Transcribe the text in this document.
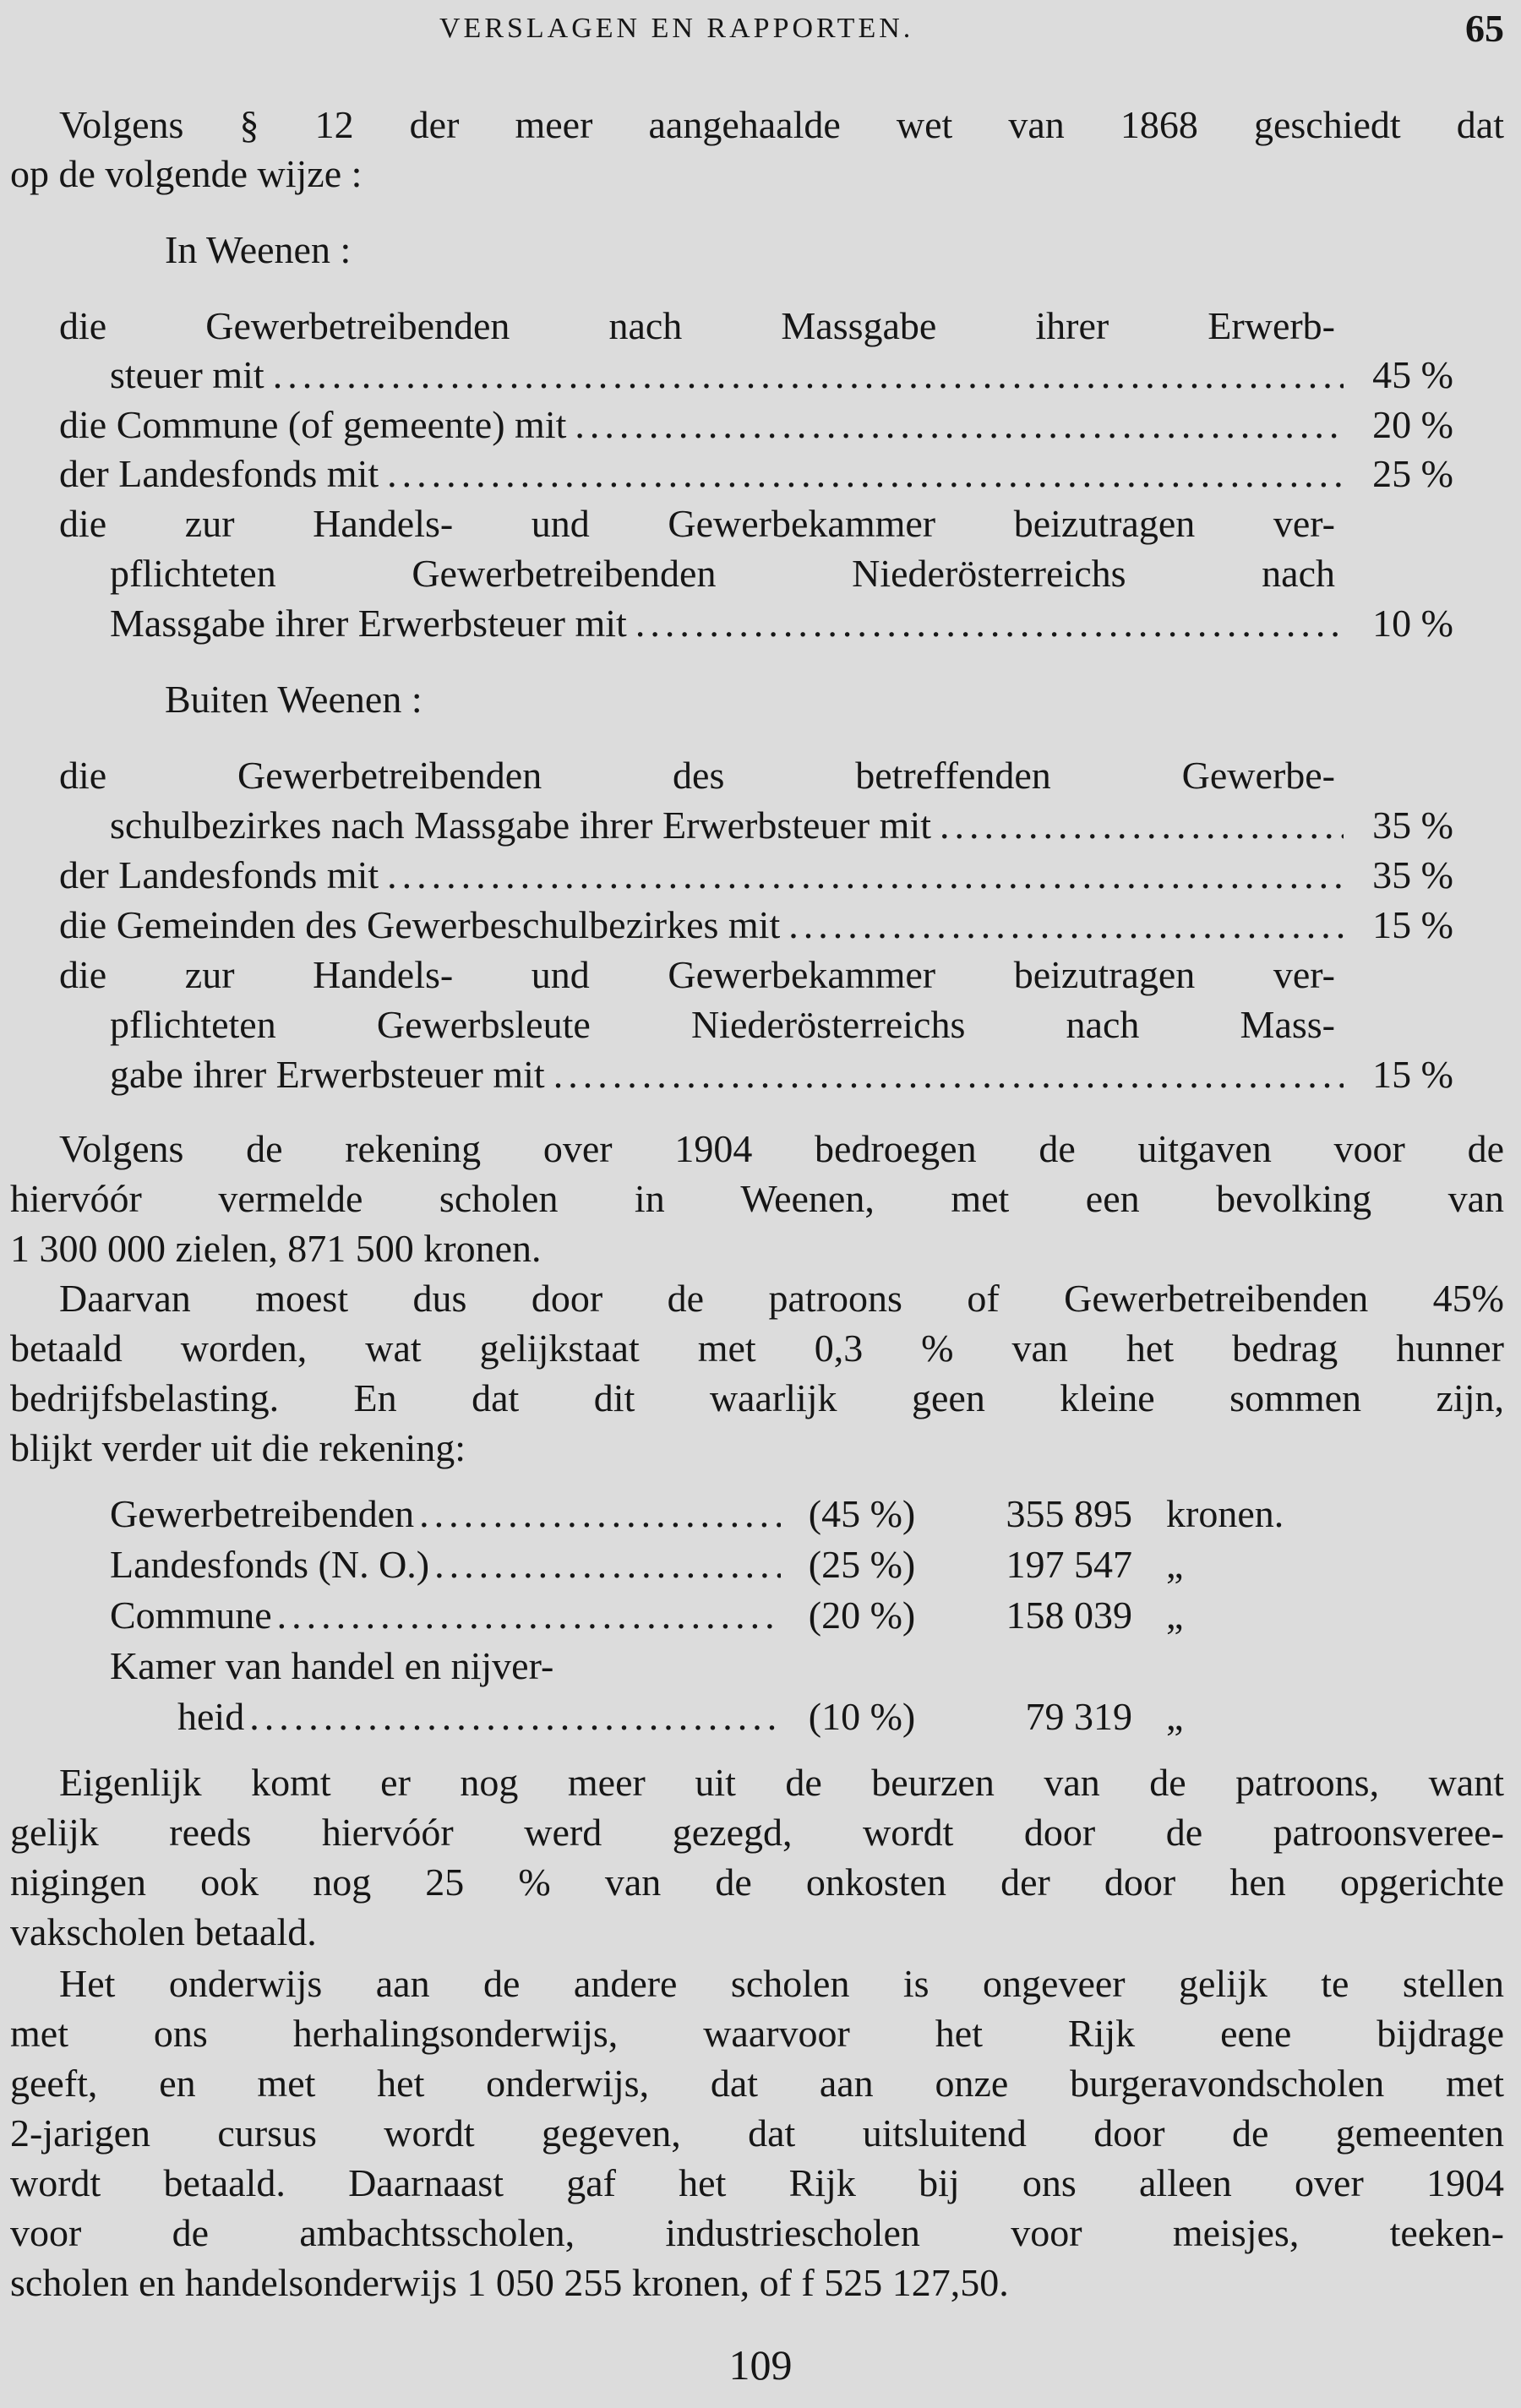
VERSLAGEN EN RAPPORTEN.	65
Volgens § 12 der meer aangehaalde wet van 1868 geschiedt dat
op de volgende wijze :
In Weenen :
die Gewerbetreibenden nach Massgabe ihrer Erwerb-
steuer mit .....	45 %
die Commune (of gemeente) mit .....	20 %
der Landesfonds mit .....	25 %
die zur Handels- und Gewerbekammer beizutragen ver-
pflichteten Gewerbetreibenden Niederösterreichs nach
Massgabe ihrer Erwerbsteuer mit .....	10 %
Buiten Weenen :
die Gewerbetreibenden des betreffenden Gewerbe-
schulbezirkes nach Massgabe ihrer Erwerbsteuer mit .....	35 %
der Landesfonds mit .....	35 %
die Gemeinden des Gewerbeschulbezirkes mit .....	15 %
die zur Handels- und Gewerbekammer beizutragen ver-
pflichteten Gewerbsleute Niederösterreichs nach Mass-
gabe ihrer Erwerbsteuer mit .....	15 %
Volgens de rekening over 1904 bedroegen de uitgaven voor de
hiervóór vermelde scholen in Weenen, met een bevolking van
1 300 000 zielen, 871 500 kronen.
Daarvan moest dus door de patroons of Gewerbetreibenden 45%
betaald worden, wat gelijkstaat met 0,3 % van het bedrag hunner
bedrijfsbelasting. En dat dit waarlijk geen kleine sommen zijn,
blijkt verder uit die rekening:
Gewerbetreibenden .....	(45 %)	355 895 kronen.
Landesfonds (N. O.) .....	(25 %)	197 547 „
Commune .....	(20 %)	158 039 „
Kamer van handel en nijver-
heid .....	(10 %)	79 319 „
Eigenlijk komt er nog meer uit de beurzen van de patroons, want
gelijk reeds hiervóór werd gezegd, wordt door de patroonsveree-
nigingen ook nog 25 % van de onkosten der door hen opgerichte
vakscholen betaald.
Het onderwijs aan de andere scholen is ongeveer gelijk te stellen
met ons herhalingsonderwijs, waarvoor het Rijk eene bijdrage
geeft, en met het onderwijs, dat aan onze burgeravondscholen met
2-jarigen cursus wordt gegeven, dat uitsluitend door de gemeenten
wordt betaald. Daarnaast gaf het Rijk bij ons alleen over 1904
voor de ambachtsscholen, industriescholen voor meisjes, teeken-
scholen en handelsonderwijs 1 050 255 kronen, of f 525 127,50.
109
